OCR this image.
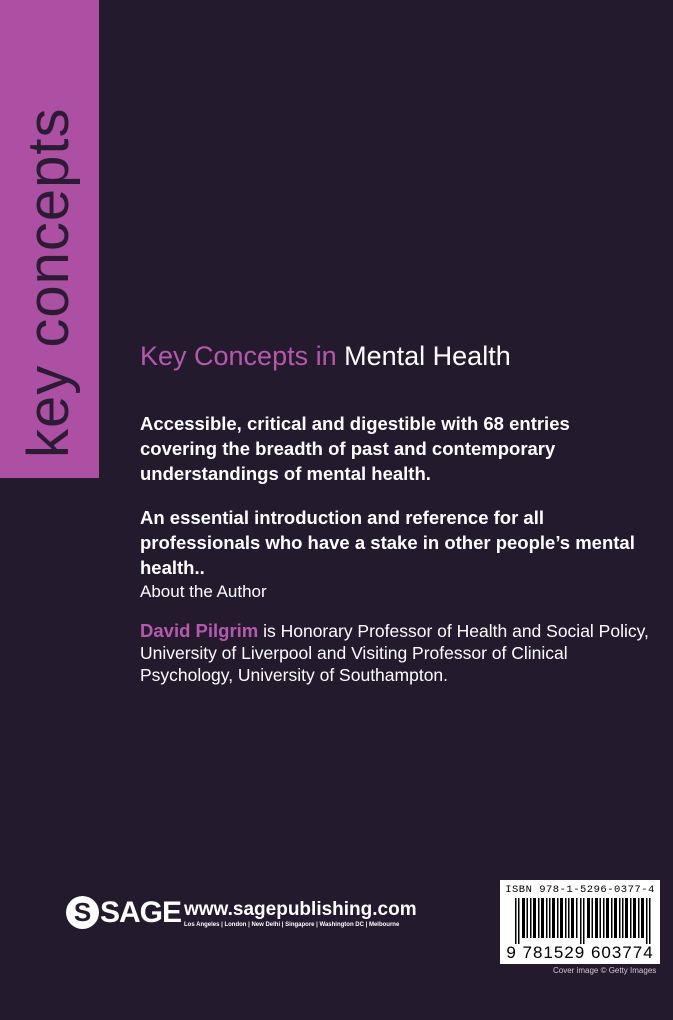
key concepts Key Concepts in Mental Health
Accessible, critical and digestible with 68 entries covering the breadth of past and contemporary understandings of mental health.
An essential introduction and reference for all professionals who have a stake in other people’s mental health..
About the Author
David Pilgrim is Honorary Professor of Health and Social Policy, University of Liverpool and Visiting Professor of Clinical Psychology, University of Southampton.
S SAGE www.sagepublishing.com
Los Angeles | London | New Delhi | Singapore | Washington DC | Melbourne
ISBN 978-1-5296-0377-4
9 781529 603774
Cover image © Getty Images
